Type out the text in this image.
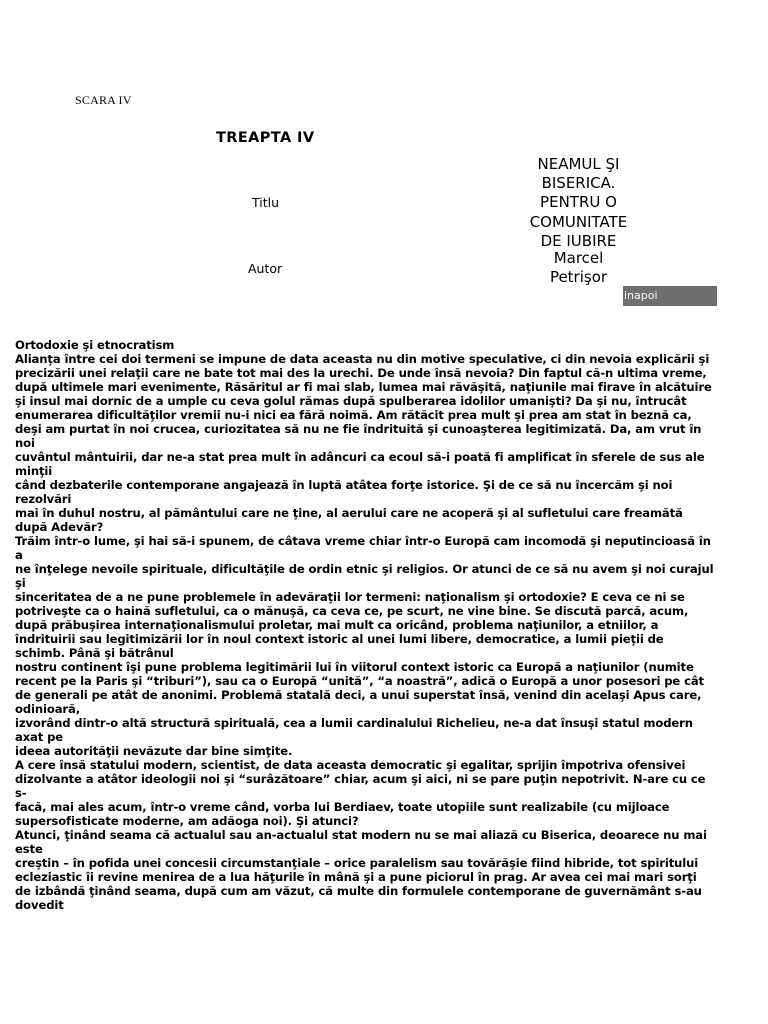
SCARA IV
TREAPTA IV
Titlu
NEAMUL ŞI
BISERICA.
PENTRU O
COMUNITATE
DE IUBIRE
Autor
Marcel
Petrişor
inapoi

Ortodoxie şi etnocratism

Alianţa între cei doi termeni se impune de data aceasta nu din motive speculative, ci din nevoia explicării şi precizării unei relaţii care ne bate tot mai des la urechi. De unde însă nevoia? Din faptul că-n ultima vreme, după ultimele mari evenimente, Răsăritul ar fi mai slab, lumea mai răvăşită, naţiunile mai firave în alcătuire şi insul mai dornic de a umple cu ceva golul rămas după spulberarea idolilor umanişti? Da şi nu, întrucât enumerarea dificultăţilor vremii nu-i nici ea fără noimă. Am rătăcit prea mult şi prea am stat în beznă ca, deşi am purtat în noi crucea, curiozitatea să nu ne fie îndrituită şi cunoaşterea legitimizată. Da, am vrut în noi

cuvântul mântuirii, dar ne-a stat prea mult în adâncuri ca ecoul să-i poată fi amplificat în sferele de sus ale minţii

când dezbaterile contemporane angajează în luptă atâtea forţe istorice. Şi de ce să nu încercăm şi noi rezolvări

mai în duhul nostru, al pământului care ne ţine, al aerului care ne acoperă şi al sufletului care freamătă după Adevăr?

Trăim într-o lume, şi hai să-i spunem, de câtava vreme chiar într-o Europă cam incomodă şi neputincioasă în a

ne înţelege nevoile spirituale, dificultăţile de ordin etnic şi religios. Or atunci de ce să nu avem şi noi curajul şi

sinceritatea de a ne pune problemele în adevăraţii lor termeni: naţionalism şi ortodoxie? E ceva ce ni se potriveşte ca o haină sufletului, ca o mănuşă, ca ceva ce, pe scurt, ne vine bine. Se discută parcă, acum, după prăbuşirea internaţionalismului proletar, mai mult ca oricând, problema naţiunilor, a etniilor, a îndrituirii sau legitimizării lor în noul context istoric al unei lumi libere, democratice, a lumii pieţii de schimb. Până şi bătrânul

nostru continent îşi pune problema legitimării lui în viitorul context istoric ca Europă a naţiunilor (numite recent pe la Paris şi “triburi”), sau ca o Europă “unită”, “a noastră”, adică o Europă a unor posesori pe cât de generali pe atât de anonimi. Problemă statală deci, a unui superstat însă, venind din acelaşi Apus care, odinioară,

izvorând dintr-o altă structură spirituală, cea a lumii cardinalului Richelieu, ne-a dat însuşi statul modern axat pe

ideea autorităţii nevăzute dar bine simţite.

A cere însă statului modern, scientist, de data aceasta democratic şi egalitar, sprijin împotriva ofensivei dizolvante a atâtor ideologii noi şi “surâzătoare” chiar, acum şi aici, ni se pare puţin nepotrivit. N-are cu ce s-

facă, mai ales acum, într-o vreme când, vorba lui Berdiaev, toate utopiile sunt realizabile (cu mijloace supersofisticate moderne, am adăoga noi). Şi atunci?

Atunci, ţinând seama că actualul sau an-actualul stat modern nu se mai aliază cu Biserica, deoarece nu mai este

creştin – în pofida unei concesii circumstanţiale – orice paralelism sau tovărăşie fiind hibride, tot spiritului ecleziastic îi revine menirea de a lua hăţurile în mână şi a pune piciorul în prag. Ar avea cei mai mari sorţi de izbândă ţinând seama, după cum am văzut, că multe din formulele contemporane de guvernământ s-au dovedit
